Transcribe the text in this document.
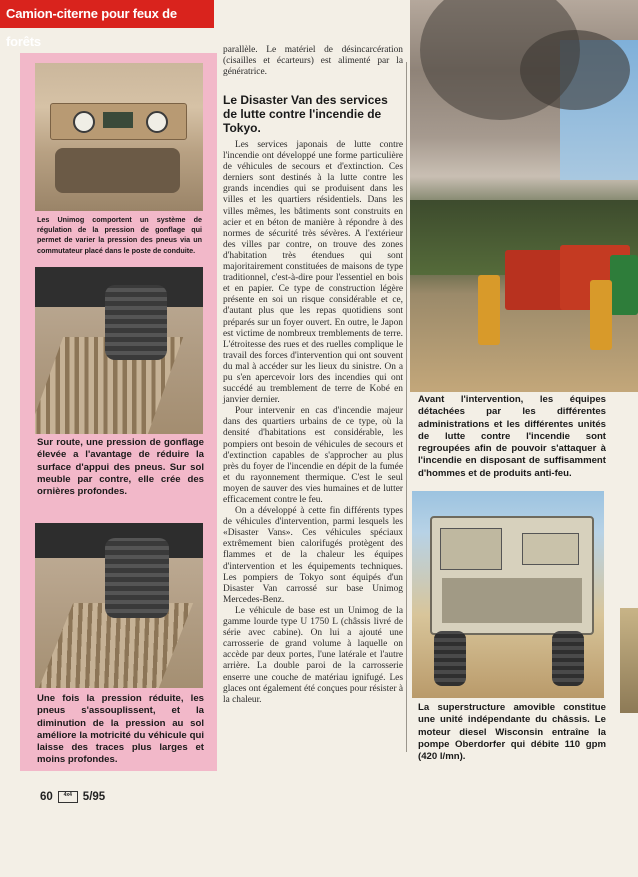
Camion-citerne pour feux de forêts
Les Unimog comportent un système de régulation de la pression de gonflage qui permet de varier la pression des pneus via un commutateur placé dans le poste de conduite.
Sur route, une pression de gonflage élevée a l'avantage de réduire la surface d'appui des pneus. Sur sol meuble par contre, elle crée des ornières profondes.
Une fois la pression réduite, les pneus s'assouplissent, et la diminution de la pression au sol améliore la motricité du véhicule qui laisse des traces plus larges et moins profondes.

parallèle. Le matériel de désincarcération (cisailles et écarteurs) est alimenté par la génératrice.

Le Disaster Van des services de lutte contre l'incendie de Tokyo.

Les services japonais de lutte contre l'incendie ont développé une forme particulière de véhicules de secours et d'extinction. Ces derniers sont destinés à la lutte contre les grands incendies qui se produisent dans les villes et les quartiers résidentiels. Dans les villes mêmes, les bâtiments sont construits en acier et en béton de manière à répondre à des normes de sécurité très sévères. A l'extérieur des villes par contre, on trouve des zones d'habitation très étendues qui sont majoritairement constituées de maisons de type traditionnel, c'est-à-dire pour l'essentiel en bois et en papier. Ce type de construction légère présente en soi un risque considérable et ce, d'autant plus que les repas quotidiens sont préparés sur un foyer ouvert. En outre, le Japon est victime de nombreux tremblements de terre. L'étroitesse des rues et des ruelles complique le travail des forces d'intervention qui ont souvent du mal à accéder sur les lieux du sinistre. On a pu s'en apercevoir lors des incendies qui ont succédé au tremblement de terre de Kobé en janvier dernier.

Pour intervenir en cas d'incendie majeur dans des quartiers urbains de ce type, où la densité d'habitations est considérable, les pompiers ont besoin de véhicules de secours et d'extinction capables de s'approcher au plus près du foyer de l'incendie en dépit de la fumée et du rayonnement thermique. C'est le seul moyen de sauver des vies humaines et de lutter efficacement contre le feu.

On a développé à cette fin différents types de véhicules d'intervention, parmi lesquels les «Disaster Vans». Ces véhicules spéciaux extrêmement bien calorifugés protègent des flammes et de la chaleur les équipes d'intervention et les équipements techniques. Les pompiers de Tokyo sont équipés d'un Disaster Van carrossé sur base Unimog Mercedes-Benz.

Le véhicule de base est un Unimog de la gamme lourde type U 1750 L (châssis livré de série avec cabine). On lui a ajouté une carrosserie de grand volume à laquelle on accède par deux portes, l'une latérale et l'autre arrière. La double paroi de la carrosserie enserre une couche de matériau ignifugé. Les glaces ont également été conçues pour résister à la chaleur.

Avant l'intervention, les équipes détachées par les différentes administrations et les différentes unités de lutte contre l'incendie sont regroupées afin de pouvoir s'attaquer à l'incendie en disposant de suffisamment d'hommes et de produits anti-feu.
La superstructure amovible constitue une unité indépendante du châssis. Le moteur diesel Wisconsin entraîne la pompe Oberdorfer qui débite 110 gpm (420 l/mn).
60	4x4 5/95
